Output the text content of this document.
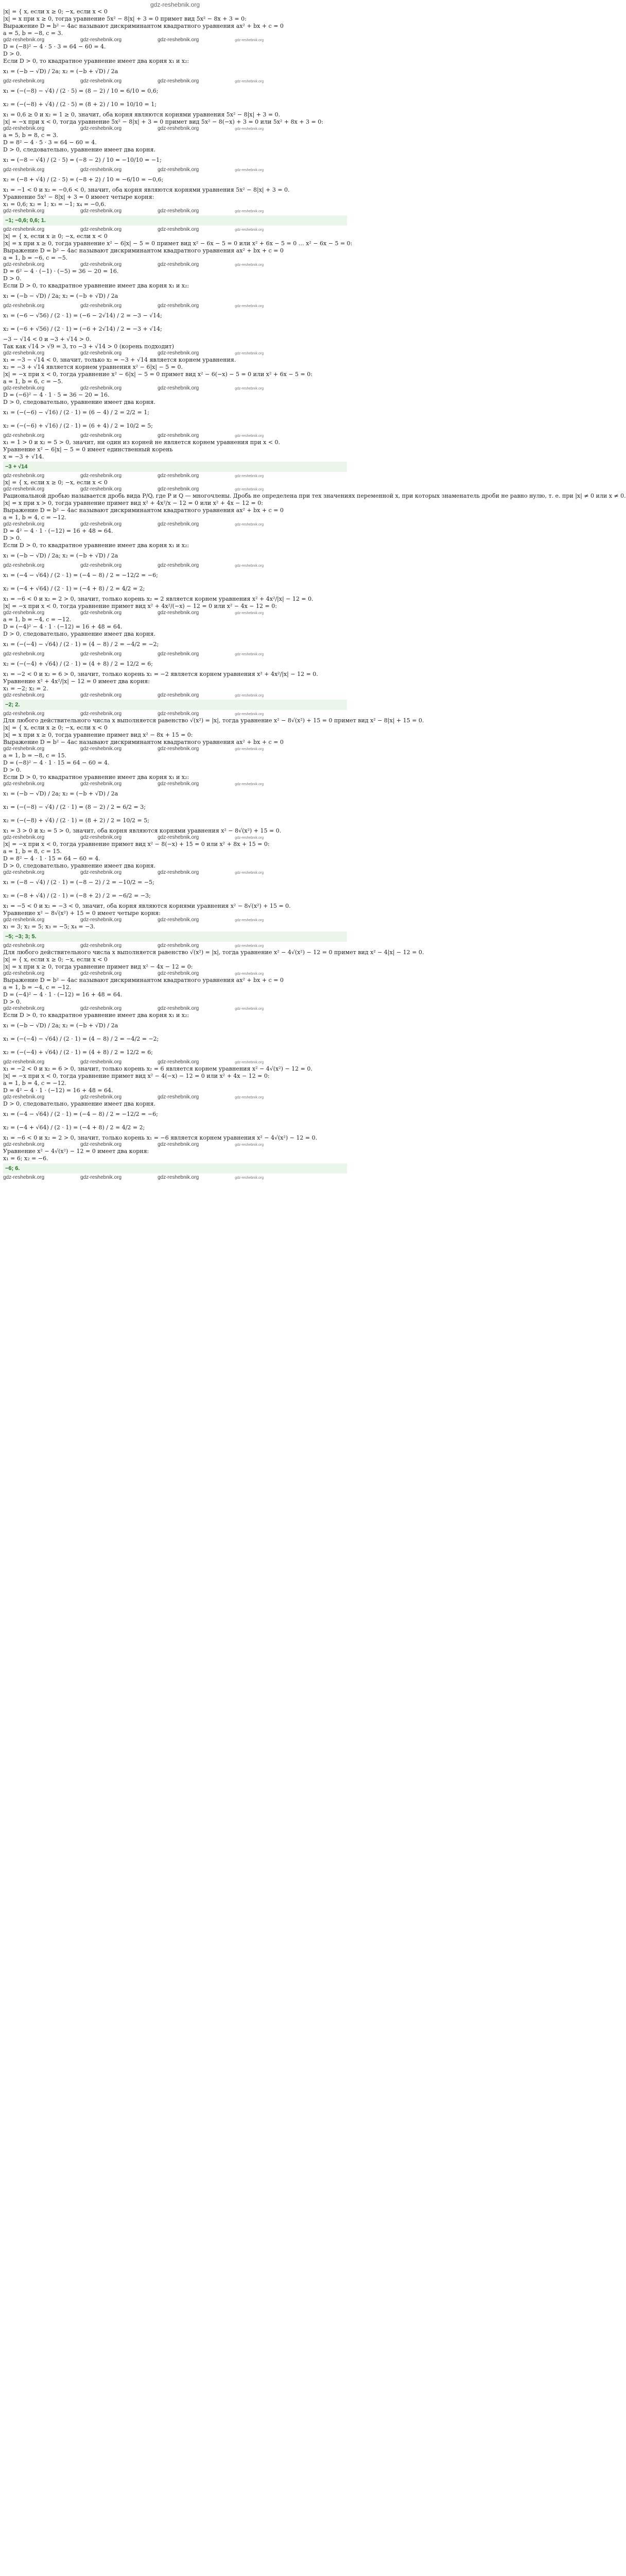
gdz-reshebnik.org
|x| = { x, если x ≥ 0; −x, если x < 0
|x| = x при x ≥ 0, тогда уравнение 5x² − 8|x| + 3 = 0 примет вид 5x² − 8x + 3 = 0:
Выражение D = b² − 4ac называют дискриминантом квадратного уравнения ax² + bx + c = 0
a = 5, b = −8, c = 3.
gdz-reshebnik.org	gdz-reshebnik.org	gdz-reshebnik.org	gdz-reshebnik.org
D = (−8)² − 4 · 5 · 3 = 64 − 60 = 4.
D > 0.
Если D > 0, то квадратное уравнение имеет два корня x₁ и x₂:
x₁ = (−b − √D) / 2a; x₂ = (−b + √D) / 2a
gdz-reshebnik.org	gdz-reshebnik.org	gdz-reshebnik.org	gdz-reshebnik.org
x₁ = (−(−8) − √4) / (2 · 5) = (8 − 2) / 10 = 6/10 = 0,6;
x₂ = (−(−8) + √4) / (2 · 5) = (8 + 2) / 10 = 10/10 = 1;
x₁ = 0,6 ≥ 0 и x₂ = 1 ≥ 0, значит, оба корня являются корнями уравнения 5x² − 8|x| + 3 = 0.
|x| = −x при x < 0, тогда уравнение 5x² − 8|x| + 3 = 0 примет вид 5x² − 8(−x) + 3 = 0 или 5x² + 8x + 3 = 0:
gdz-reshebnik.org	gdz-reshebnik.org	gdz-reshebnik.org	gdz-reshebnik.org
a = 5, b = 8, c = 3.
D = 8² − 4 · 5 · 3 = 64 − 60 = 4.
D > 0, следовательно, уравнение имеет два корня.
x₁ = (−8 − √4) / (2 · 5) = (−8 − 2) / 10 = −10/10 = −1;
gdz-reshebnik.org	gdz-reshebnik.org	gdz-reshebnik.org	gdz-reshebnik.org
x₂ = (−8 + √4) / (2 · 5) = (−8 + 2) / 10 = −6/10 = −0,6;
x₁ = −1 < 0 и x₂ = −0,6 < 0, значит, оба корня являются корнями уравнения 5x² − 8|x| + 3 = 0.
Уравнение 5x² − 8|x| + 3 = 0 имеет четыре корня:
x₁ = 0,6; x₂ = 1; x₃ = −1; x₄ = −0,6.
gdz-reshebnik.org	gdz-reshebnik.org	gdz-reshebnik.org	gdz-reshebnik.org
−1; −0,6; 0,6; 1.
gdz-reshebnik.org	gdz-reshebnik.org	gdz-reshebnik.org	gdz-reshebnik.org
|x| = { x, если x ≥ 0; −x, если x < 0
|x| = x при x ≥ 0, тогда уравнение x² − 6|x| − 5 = 0 примет вид x² − 6x − 5 = 0 или x² + 6x − 5 = 0 … x² − 6x − 5 = 0:
Выражение D = b² − 4ac называют дискриминантом квадратного уравнения ax² + bx + c = 0
a = 1, b = −6, c = −5.
gdz-reshebnik.org	gdz-reshebnik.org	gdz-reshebnik.org	gdz-reshebnik.org
D = 6² − 4 · (−1) · (−5) = 36 − 20 = 16.
D > 0.
Если D > 0, то квадратное уравнение имеет два корня x₁ и x₂:
x₁ = (−b − √D) / 2a; x₂ = (−b + √D) / 2a
gdz-reshebnik.org	gdz-reshebnik.org	gdz-reshebnik.org	gdz-reshebnik.org
x₁ = (−6 − √56) / (2 · 1) = (−6 − 2√14) / 2 = −3 − √14;
x₂ = (−6 + √56) / (2 · 1) = (−6 + 2√14) / 2 = −3 + √14;
−3 − √14 < 0 и −3 + √14 > 0.
Так как √14 > √9 = 3, то −3 + √14 > 0 (корень подходит)
gdz-reshebnik.org	gdz-reshebnik.org	gdz-reshebnik.org	gdz-reshebnik.org
x₁ = −3 − √14 < 0, значит, только x₂ = −3 + √14 является корнем уравнения.
x₂ = −3 + √14 является корнем уравнения x² − 6|x| − 5 = 0.
|x| = −x при x < 0, тогда уравнение x² − 6|x| − 5 = 0 примет вид x² − 6(−x) − 5 = 0 или x² + 6x − 5 = 0:
a = 1, b = 6, c = −5.
gdz-reshebnik.org	gdz-reshebnik.org	gdz-reshebnik.org	gdz-reshebnik.org
D = (−6)² − 4 · 1 · 5 = 36 − 20 = 16.
D > 0, следовательно, уравнение имеет два корня.
x₁ = (−(−6) − √16) / (2 · 1) = (6 − 4) / 2 = 2/2 = 1;
x₂ = (−(−6) + √16) / (2 · 1) = (6 + 4) / 2 = 10/2 = 5;
gdz-reshebnik.org	gdz-reshebnik.org	gdz-reshebnik.org	gdz-reshebnik.org
x₁ = 1 > 0 и x₂ = 5 > 0, значит, ни один из корней не является корнем уравнения при x < 0.
Уравнение x² − 6|x| − 5 = 0 имеет единственный корень
x = −3 + √14.
−3 + √14
gdz-reshebnik.org	gdz-reshebnik.org	gdz-reshebnik.org	gdz-reshebnik.org
|x| = { x, если x ≥ 0; −x, если x < 0
gdz-reshebnik.org	gdz-reshebnik.org	gdz-reshebnik.org	gdz-reshebnik.org
Рациональной дробью называется дробь вида P/Q, где P и Q — многочлены. Дробь не определена при тех значениях переменной x, при которых знаменатель дроби не равно нулю, т. е. при |x| ≠ 0 или x ≠ 0.
|x| = x при x > 0, тогда уравнение примет вид x² + 4x²/x − 12 = 0 или x² + 4x − 12 = 0:
Выражение D = b² − 4ac называют дискриминантом квадратного уравнения ax² + bx + c = 0
a = 1, b = 4, c = −12.
gdz-reshebnik.org	gdz-reshebnik.org	gdz-reshebnik.org	gdz-reshebnik.org
D = 4² − 4 · 1 · (−12) = 16 + 48 = 64.
D > 0.
Если D > 0, то квадратное уравнение имеет два корня x₁ и x₂:
x₁ = (−b − √D) / 2a; x₂ = (−b + √D) / 2a
gdz-reshebnik.org	gdz-reshebnik.org	gdz-reshebnik.org	gdz-reshebnik.org
x₁ = (−4 − √64) / (2 · 1) = (−4 − 8) / 2 = −12/2 = −6;
x₂ = (−4 + √64) / (2 · 1) = (−4 + 8) / 2 = 4/2 = 2;
x₁ = −6 < 0 и x₂ = 2 > 0, значит, только корень x₂ = 2 является корнем уравнения x² + 4x²/|x| − 12 = 0.
|x| = −x при x < 0, тогда уравнение примет вид x² + 4x²/(−x) − 12 = 0 или x² − 4x − 12 = 0:
gdz-reshebnik.org	gdz-reshebnik.org	gdz-reshebnik.org	gdz-reshebnik.org
a = 1, b = −4, c = −12.
D = (−4)² − 4 · 1 · (−12) = 16 + 48 = 64.
D > 0, следовательно, уравнение имеет два корня.
x₁ = (−(−4) − √64) / (2 · 1) = (4 − 8) / 2 = −4/2 = −2;
gdz-reshebnik.org	gdz-reshebnik.org	gdz-reshebnik.org	gdz-reshebnik.org
x₂ = (−(−4) + √64) / (2 · 1) = (4 + 8) / 2 = 12/2 = 6;
x₁ = −2 < 0 и x₂ = 6 > 0, значит, только корень x₁ = −2 является корнем уравнения x² + 4x²/|x| − 12 = 0.
Уравнение x² + 4x²/|x| − 12 = 0 имеет два корня:
x₁ = −2; x₂ = 2.
gdz-reshebnik.org	gdz-reshebnik.org	gdz-reshebnik.org	gdz-reshebnik.org
−2; 2.
gdz-reshebnik.org	gdz-reshebnik.org	gdz-reshebnik.org	gdz-reshebnik.org
Для любого действительного числа x выполняется равенство √(x²) = |x|, тогда уравнение x² − 8√(x²) + 15 = 0 примет вид x² − 8|x| + 15 = 0.
|x| = { x, если x ≥ 0; −x, если x < 0
|x| = x при x ≥ 0, тогда уравнение примет вид x² − 8x + 15 = 0:
Выражение D = b² − 4ac называют дискриминантом квадратного уравнения ax² + bx + c = 0
gdz-reshebnik.org	gdz-reshebnik.org	gdz-reshebnik.org	gdz-reshebnik.org
a = 1, b = −8, c = 15.
D = (−8)² − 4 · 1 · 15 = 64 − 60 = 4.
D > 0.
Если D > 0, то квадратное уравнение имеет два корня x₁ и x₂:
gdz-reshebnik.org	gdz-reshebnik.org	gdz-reshebnik.org	gdz-reshebnik.org
x₁ = (−b − √D) / 2a; x₂ = (−b + √D) / 2a
x₁ = (−(−8) − √4) / (2 · 1) = (8 − 2) / 2 = 6/2 = 3;
x₂ = (−(−8) + √4) / (2 · 1) = (8 + 2) / 2 = 10/2 = 5;
x₁ = 3 > 0 и x₂ = 5 > 0, значит, оба корня являются корнями уравнения x² − 8√(x²) + 15 = 0.
gdz-reshebnik.org	gdz-reshebnik.org	gdz-reshebnik.org	gdz-reshebnik.org
|x| = −x при x < 0, тогда уравнение примет вид x² − 8(−x) + 15 = 0 или x² + 8x + 15 = 0:
a = 1, b = 8, c = 15.
D = 8² − 4 · 1 · 15 = 64 − 60 = 4.
D > 0, следовательно, уравнение имеет два корня.
gdz-reshebnik.org	gdz-reshebnik.org	gdz-reshebnik.org	gdz-reshebnik.org
x₁ = (−8 − √4) / (2 · 1) = (−8 − 2) / 2 = −10/2 = −5;
x₂ = (−8 + √4) / (2 · 1) = (−8 + 2) / 2 = −6/2 = −3;
x₁ = −5 < 0 и x₂ = −3 < 0, значит, оба корня являются корнями уравнения x² − 8√(x²) + 15 = 0.
Уравнение x² − 8√(x²) + 15 = 0 имеет четыре корня:
gdz-reshebnik.org	gdz-reshebnik.org	gdz-reshebnik.org	gdz-reshebnik.org
x₁ = 3; x₂ = 5; x₃ = −5; x₄ = −3.
−5; −3; 3; 5.
gdz-reshebnik.org	gdz-reshebnik.org	gdz-reshebnik.org	gdz-reshebnik.org
Для любого действительного числа x выполняется равенство √(x²) = |x|, тогда уравнение x² − 4√(x²) − 12 = 0 примет вид x² − 4|x| − 12 = 0.
|x| = { x, если x ≥ 0; −x, если x < 0
|x| = x при x ≥ 0, тогда уравнение примет вид x² − 4x − 12 = 0:
gdz-reshebnik.org	gdz-reshebnik.org	gdz-reshebnik.org	gdz-reshebnik.org
Выражение D = b² − 4ac называют дискриминантом квадратного уравнения ax² + bx + c = 0
a = 1, b = −4, c = −12.
D = (−4)² − 4 · 1 · (−12) = 16 + 48 = 64.
D > 0.
gdz-reshebnik.org	gdz-reshebnik.org	gdz-reshebnik.org	gdz-reshebnik.org
Если D > 0, то квадратное уравнение имеет два корня x₁ и x₂:
x₁ = (−b − √D) / 2a; x₂ = (−b + √D) / 2a
x₁ = (−(−4) − √64) / (2 · 1) = (4 − 8) / 2 = −4/2 = −2;
x₂ = (−(−4) + √64) / (2 · 1) = (4 + 8) / 2 = 12/2 = 6;
gdz-reshebnik.org	gdz-reshebnik.org	gdz-reshebnik.org	gdz-reshebnik.org
x₁ = −2 < 0 и x₂ = 6 > 0, значит, только корень x₂ = 6 является корнем уравнения x² − 4√(x²) − 12 = 0.
|x| = −x при x < 0, тогда уравнение примет вид x² − 4(−x) − 12 = 0 или x² + 4x − 12 = 0:
a = 1, b = 4, c = −12.
D = 4² − 4 · 1 · (−12) = 16 + 48 = 64.
gdz-reshebnik.org	gdz-reshebnik.org	gdz-reshebnik.org	gdz-reshebnik.org
D > 0, следовательно, уравнение имеет два корня.
x₁ = (−4 − √64) / (2 · 1) = (−4 − 8) / 2 = −12/2 = −6;
x₂ = (−4 + √64) / (2 · 1) = (−4 + 8) / 2 = 4/2 = 2;
x₁ = −6 < 0 и x₂ = 2 > 0, значит, только корень x₁ = −6 является корнем уравнения x² − 4√(x²) − 12 = 0.
gdz-reshebnik.org	gdz-reshebnik.org	gdz-reshebnik.org	gdz-reshebnik.org
Уравнение x² − 4√(x²) − 12 = 0 имеет два корня:
x₁ = 6; x₂ = −6.
−6; 6.
gdz-reshebnik.org	gdz-reshebnik.org	gdz-reshebnik.org	gdz-reshebnik.org
